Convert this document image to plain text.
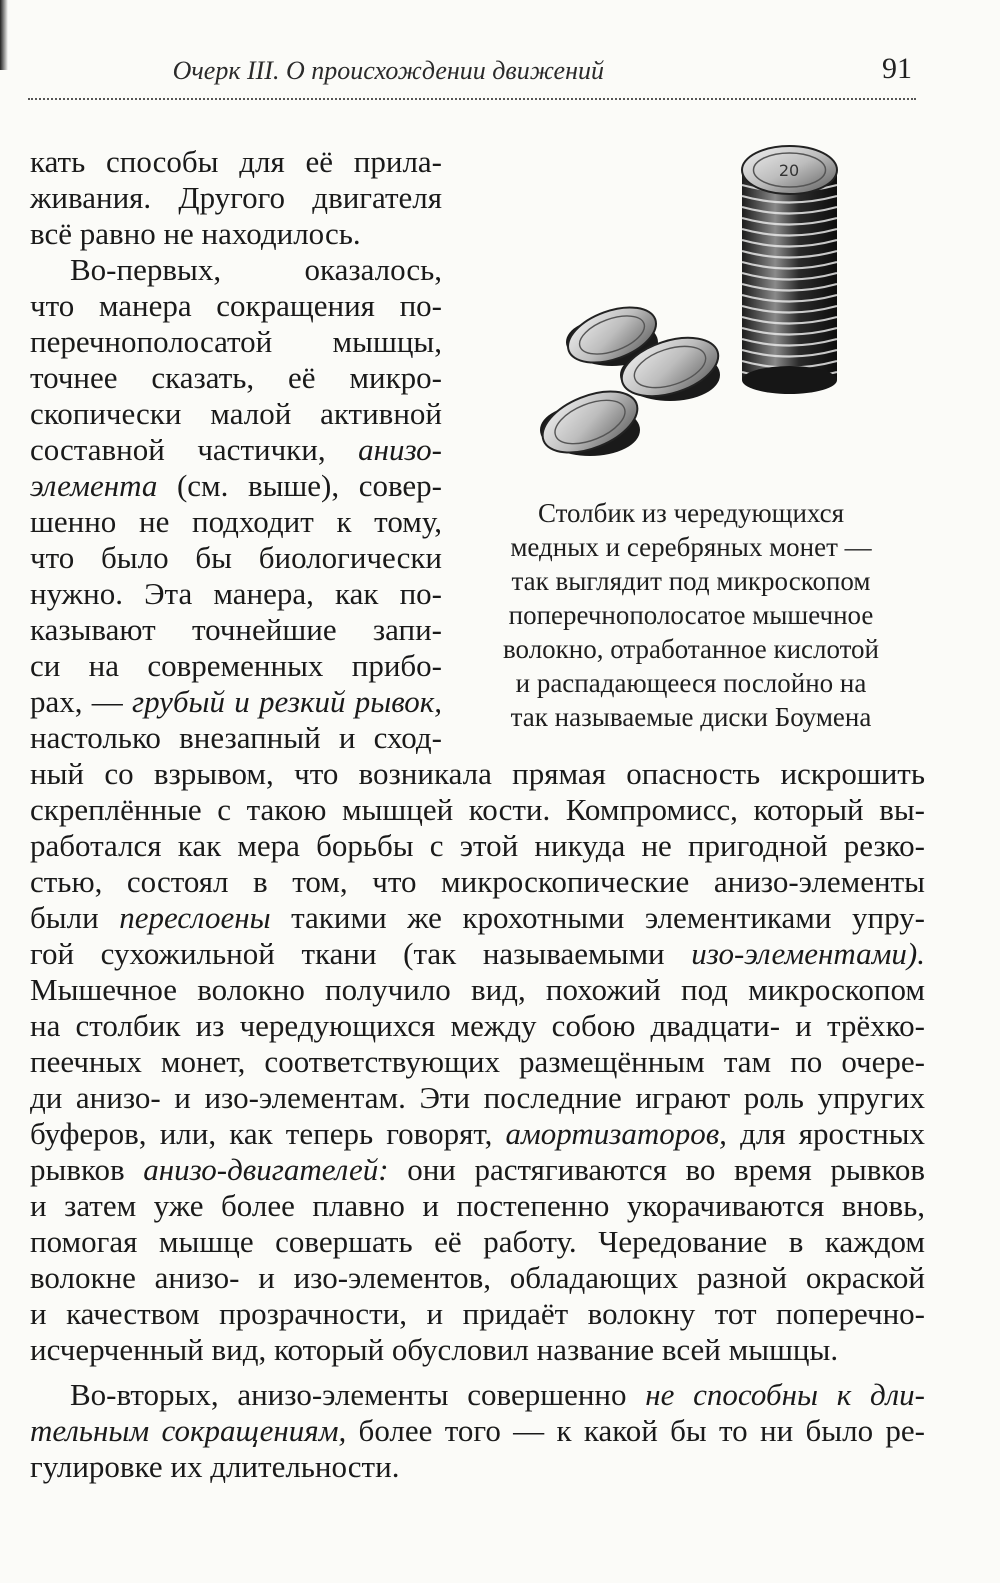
Очерк III. О происхождении движений	91
кать способы для её прила-
живания. Другого двигателя
всё равно не находилось.
Во-первых, оказалось,
что манера сокращения по-
перечнополосатой мышцы,
точнее сказать, её микро-
скопически малой активной
составной частички, анизо-
элемента (см. выше), совер-
шенно не подходит к тому,
что было бы биологически
нужно. Эта манера, как по-
казывают точнейшие запи-
си на современных прибо-
рах, — грубый и резкий рывок,
настолько внезапный и сход-
ный со взрывом, что возникала прямая опасность искрошить
скреплённые с такою мышцей кости. Компромисс, который вы-
работался как мера борьбы с этой никуда не пригодной резко-
стью, состоял в том, что микроскопические анизо-элементы
были переслоены такими же крохотными элементиками упру-
гой сухожильной ткани (так называемыми изо-элементами).
Мышечное волокно получило вид, похожий под микроскопом
на столбик из чередующихся между собою двадцати- и трёхко-
пеечных монет, соответствующих размещённым там по очере-
ди анизо- и изо-элементам. Эти последние играют роль упругих
буферов, или, как теперь говорят, амортизаторов, для яростных
рывков анизо-двигателей: они растягиваются во время рывков
и затем уже более плавно и постепенно укорачиваются вновь,
помогая мышце совершать её работу. Чередование в каждом
волокне анизо- и изо-элементов, обладающих разной окраской
и качеством прозрачности, и придаёт волокну тот поперечно-
исчерченный вид, который обусловил название всей мышцы.
Во-вторых, анизо-элементы совершенно не способны к дли-
тельным сокращениям, более того — к какой бы то ни было ре-
гулировке их длительности.
20
Столбик из чередующихся
медных и серебряных монет —
так выглядит под микроскопом
поперечнополосатое мышечное
волокно, отработанное кислотой
и распадающееся послойно на
так называемые диски Боумена
